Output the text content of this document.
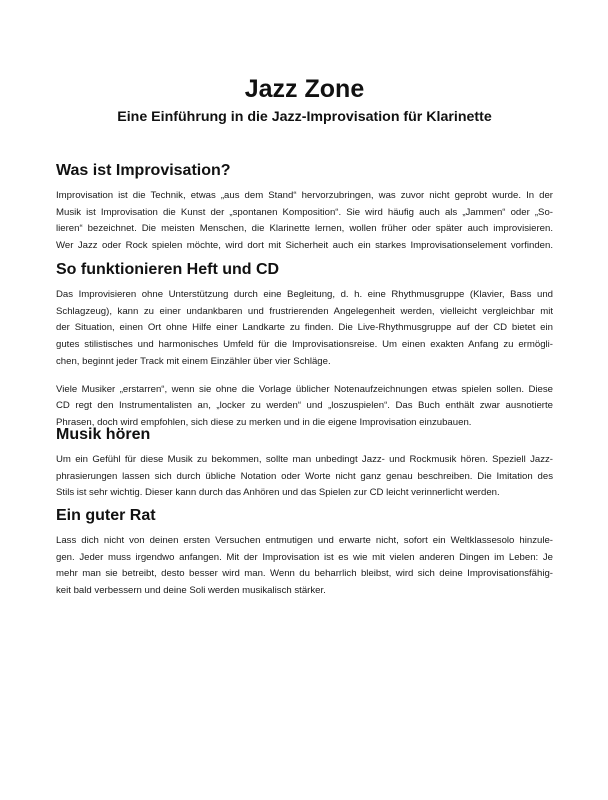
Jazz Zone
Eine Einführung in die Jazz-Improvisation für Klarinette
Was ist Improvisation?

Improvisation ist die Technik, etwas „aus dem Stand“ hervorzubringen, was zuvor nicht geprobt wurde. In der
Musik ist Improvisation die Kunst der „spontanen Komposition“. Sie wird häufig auch als „Jammen“ oder „So-
lieren“ bezeichnet. Die meisten Menschen, die Klarinette lernen, wollen früher oder später auch improvisieren.
Wer Jazz oder Rock spielen möchte, wird dort mit Sicherheit auch ein starkes Improvisationselement vorfinden.

So funktionieren Heft und CD

Das Improvisieren ohne Unterstützung durch eine Begleitung, d. h. eine Rhythmusgruppe (Klavier, Bass und
Schlagzeug), kann zu einer undankbaren und frustrierenden Angelegenheit werden, vielleicht vergleichbar mit
der Situation, einen Ort ohne Hilfe einer Landkarte zu finden. Die Live-Rhythmusgruppe auf der CD bietet ein
gutes stilistisches und harmonisches Umfeld für die Improvisationsreise. Um einen exakten Anfang zu ermögli-
chen, beginnt jeder Track mit einem Einzähler über vier Schläge.

Viele Musiker „erstarren“, wenn sie ohne die Vorlage üblicher Notenaufzeichnungen etwas spielen sollen. Diese
CD regt den Instrumentalisten an, „locker zu werden“ und „loszuspielen“. Das Buch enthält zwar ausnotierte
Phrasen, doch wird empfohlen, sich diese zu merken und in die eigene Improvisation einzubauen.

Musik hören

Um ein Gefühl für diese Musik zu bekommen, sollte man unbedingt Jazz- und Rockmusik hören. Speziell Jazz-
phrasierungen lassen sich durch übliche Notation oder Worte nicht ganz genau beschreiben. Die Imitation des
Stils ist sehr wichtig. Dieser kann durch das Anhören und das Spielen zur CD leicht verinnerlicht werden.

Ein guter Rat

Lass dich nicht von deinen ersten Versuchen entmutigen und erwarte nicht, sofort ein Weltklassesolo hinzule-
gen. Jeder muss irgendwo anfangen. Mit der Improvisation ist es wie mit vielen anderen Dingen im Leben: Je
mehr man sie betreibt, desto besser wird man. Wenn du beharrlich bleibst, wird sich deine Improvisationsfähig-
keit bald verbessern und deine Soli werden musikalisch stärker.
